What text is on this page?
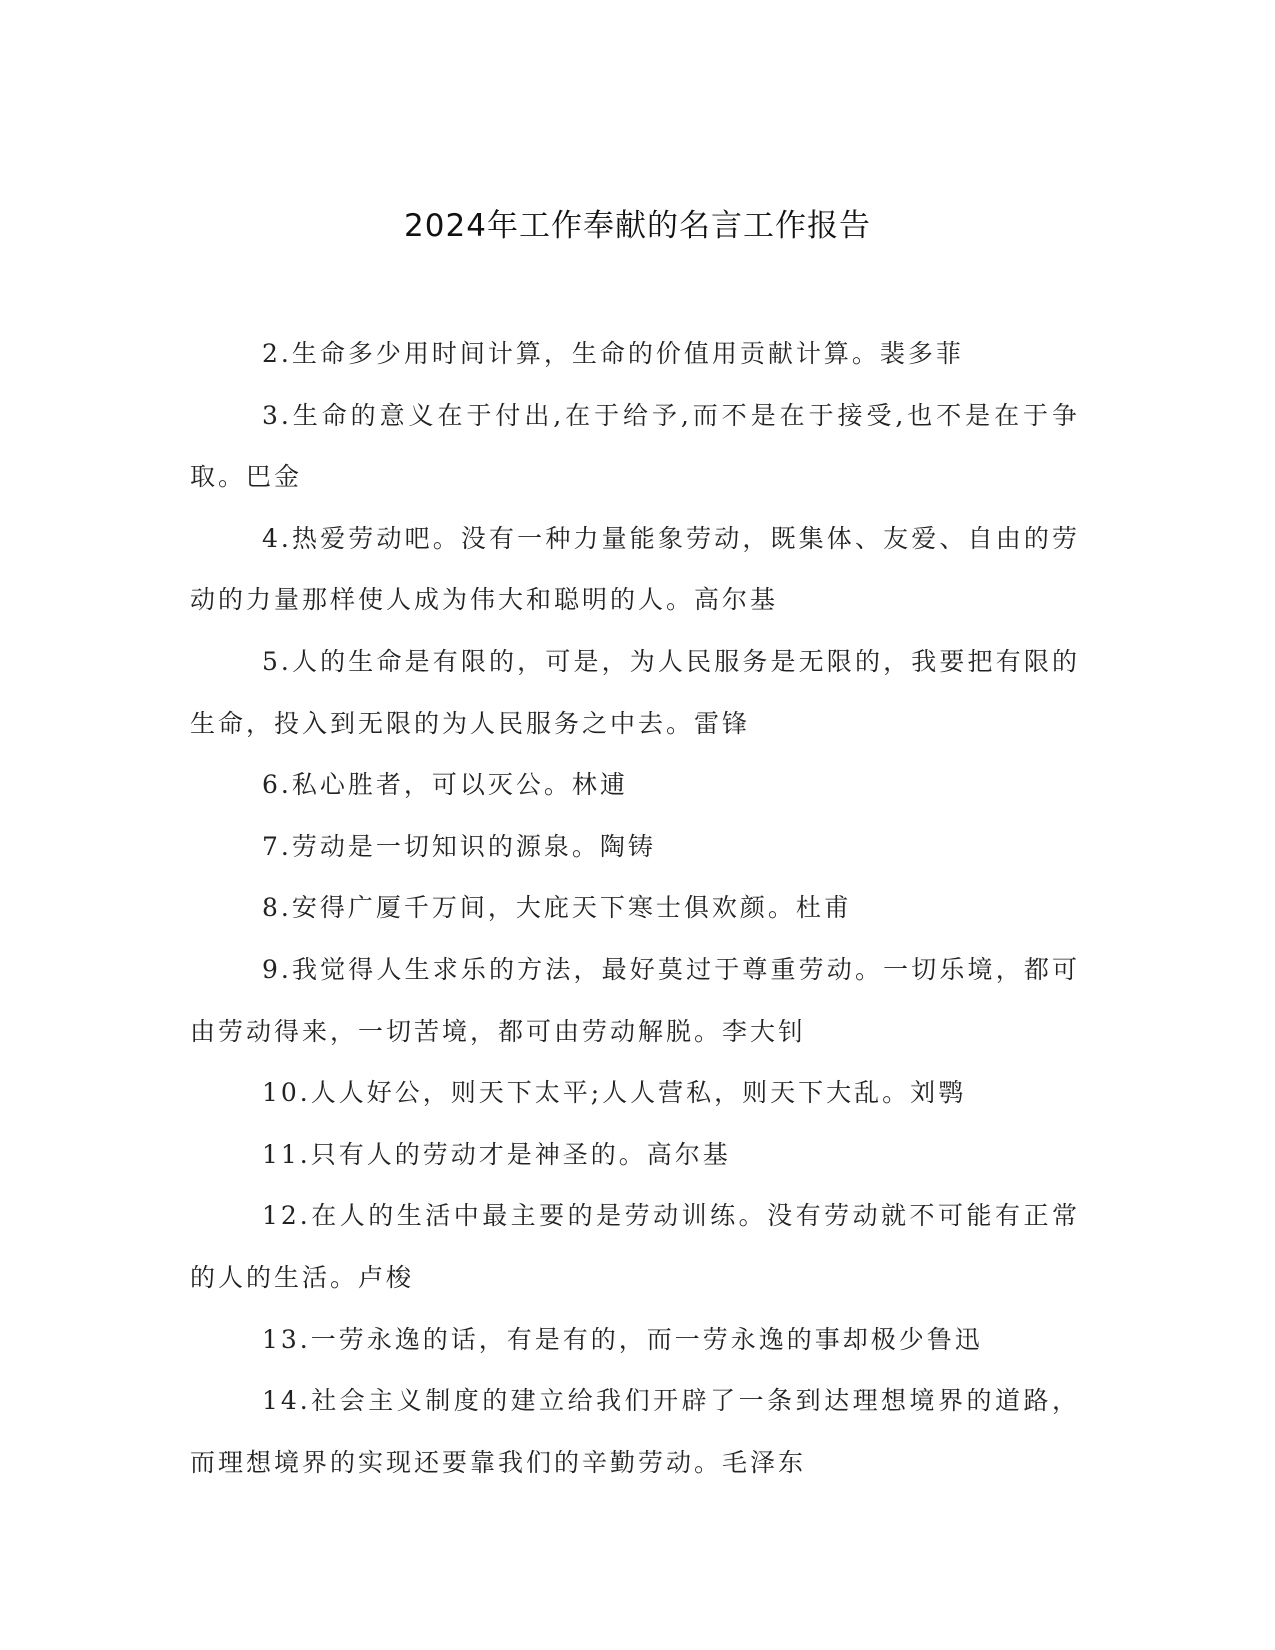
2024年工作奉献的名言工作报告

2.生命多少用时间计算，生命的价值用贡献计算。裴多菲

3.生命的意义在于付出,在于给予,而不是在于接受,也不是在于争取。巴金

4.热爱劳动吧。没有一种力量能象劳动，既集体、友爱、自由的劳动的力量那样使人成为伟大和聪明的人。高尔基

5.人的生命是有限的，可是，为人民服务是无限的，我要把有限的生命，投入到无限的为人民服务之中去。雷锋

6.私心胜者，可以灭公。林逋

7.劳动是一切知识的源泉。陶铸

8.安得广厦千万间，大庇天下寒士俱欢颜。杜甫

9.我觉得人生求乐的方法，最好莫过于尊重劳动。一切乐境，都可由劳动得来，一切苦境，都可由劳动解脱。李大钊

10.人人好公，则天下太平;人人营私，则天下大乱。刘鹗

11.只有人的劳动才是神圣的。高尔基

12.在人的生活中最主要的是劳动训练。没有劳动就不可能有正常的人的生活。卢梭

13.一劳永逸的话，有是有的，而一劳永逸的事却极少鲁迅

14.社会主义制度的建立给我们开辟了一条到达理想境界的道路，而理想境界的实现还要靠我们的辛勤劳动。毛泽东
